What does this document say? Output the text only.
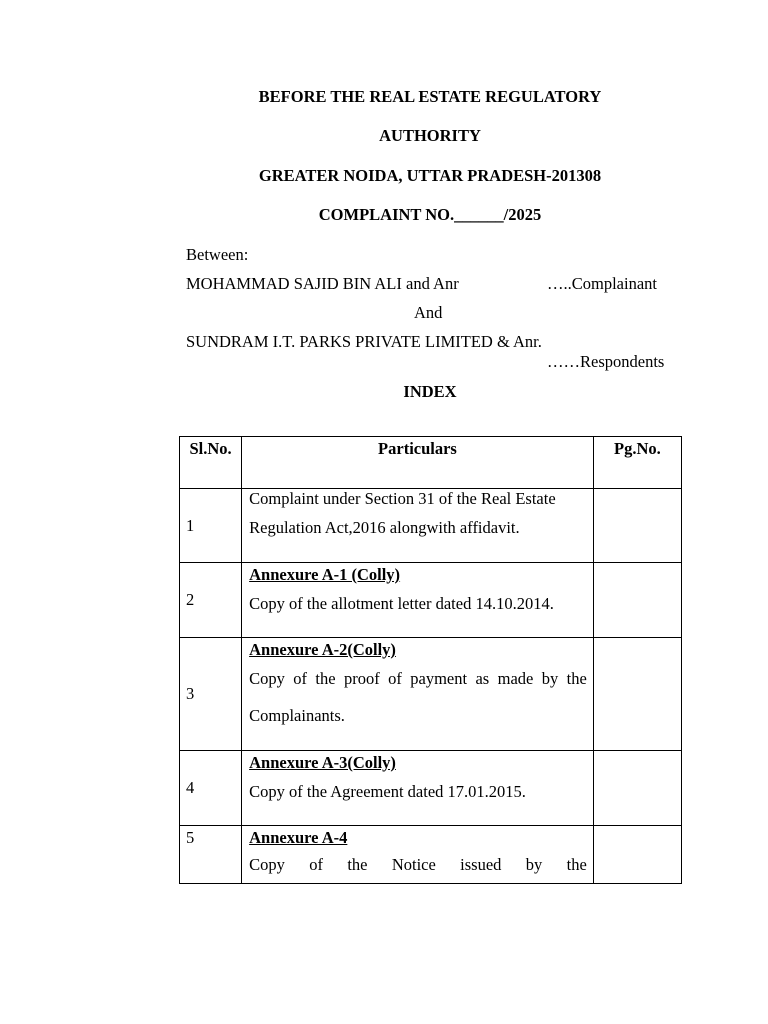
BEFORE THE REAL ESTATE REGULATORY
AUTHORITY
GREATER NOIDA, UTTAR PRADESH-201308
COMPLAINT NO.______/2025
Between:
MOHAMMAD SAJID BIN ALI and Anr	…..Complainant
And
SUNDRAM I.T. PARKS PRIVATE LIMITED & Anr.
……Respondents
INDEX
Sl.No.	Particulars	Pg.No.
1	Complaint under Section 31 of the Real Estate
Regulation Act,2016 alongwith affidavit.	

2	Annexure A-1 (Colly)
Copy of the allotment letter dated 14.10.2014.	

3	Annexure A-2(Colly)
Copy of the proof of payment as made by the
Complainants.	

4	Annexure A-3(Colly)
Copy of the Agreement dated 17.01.2015.	

5	Annexure A-4
Copy of the Notice issued by the	
